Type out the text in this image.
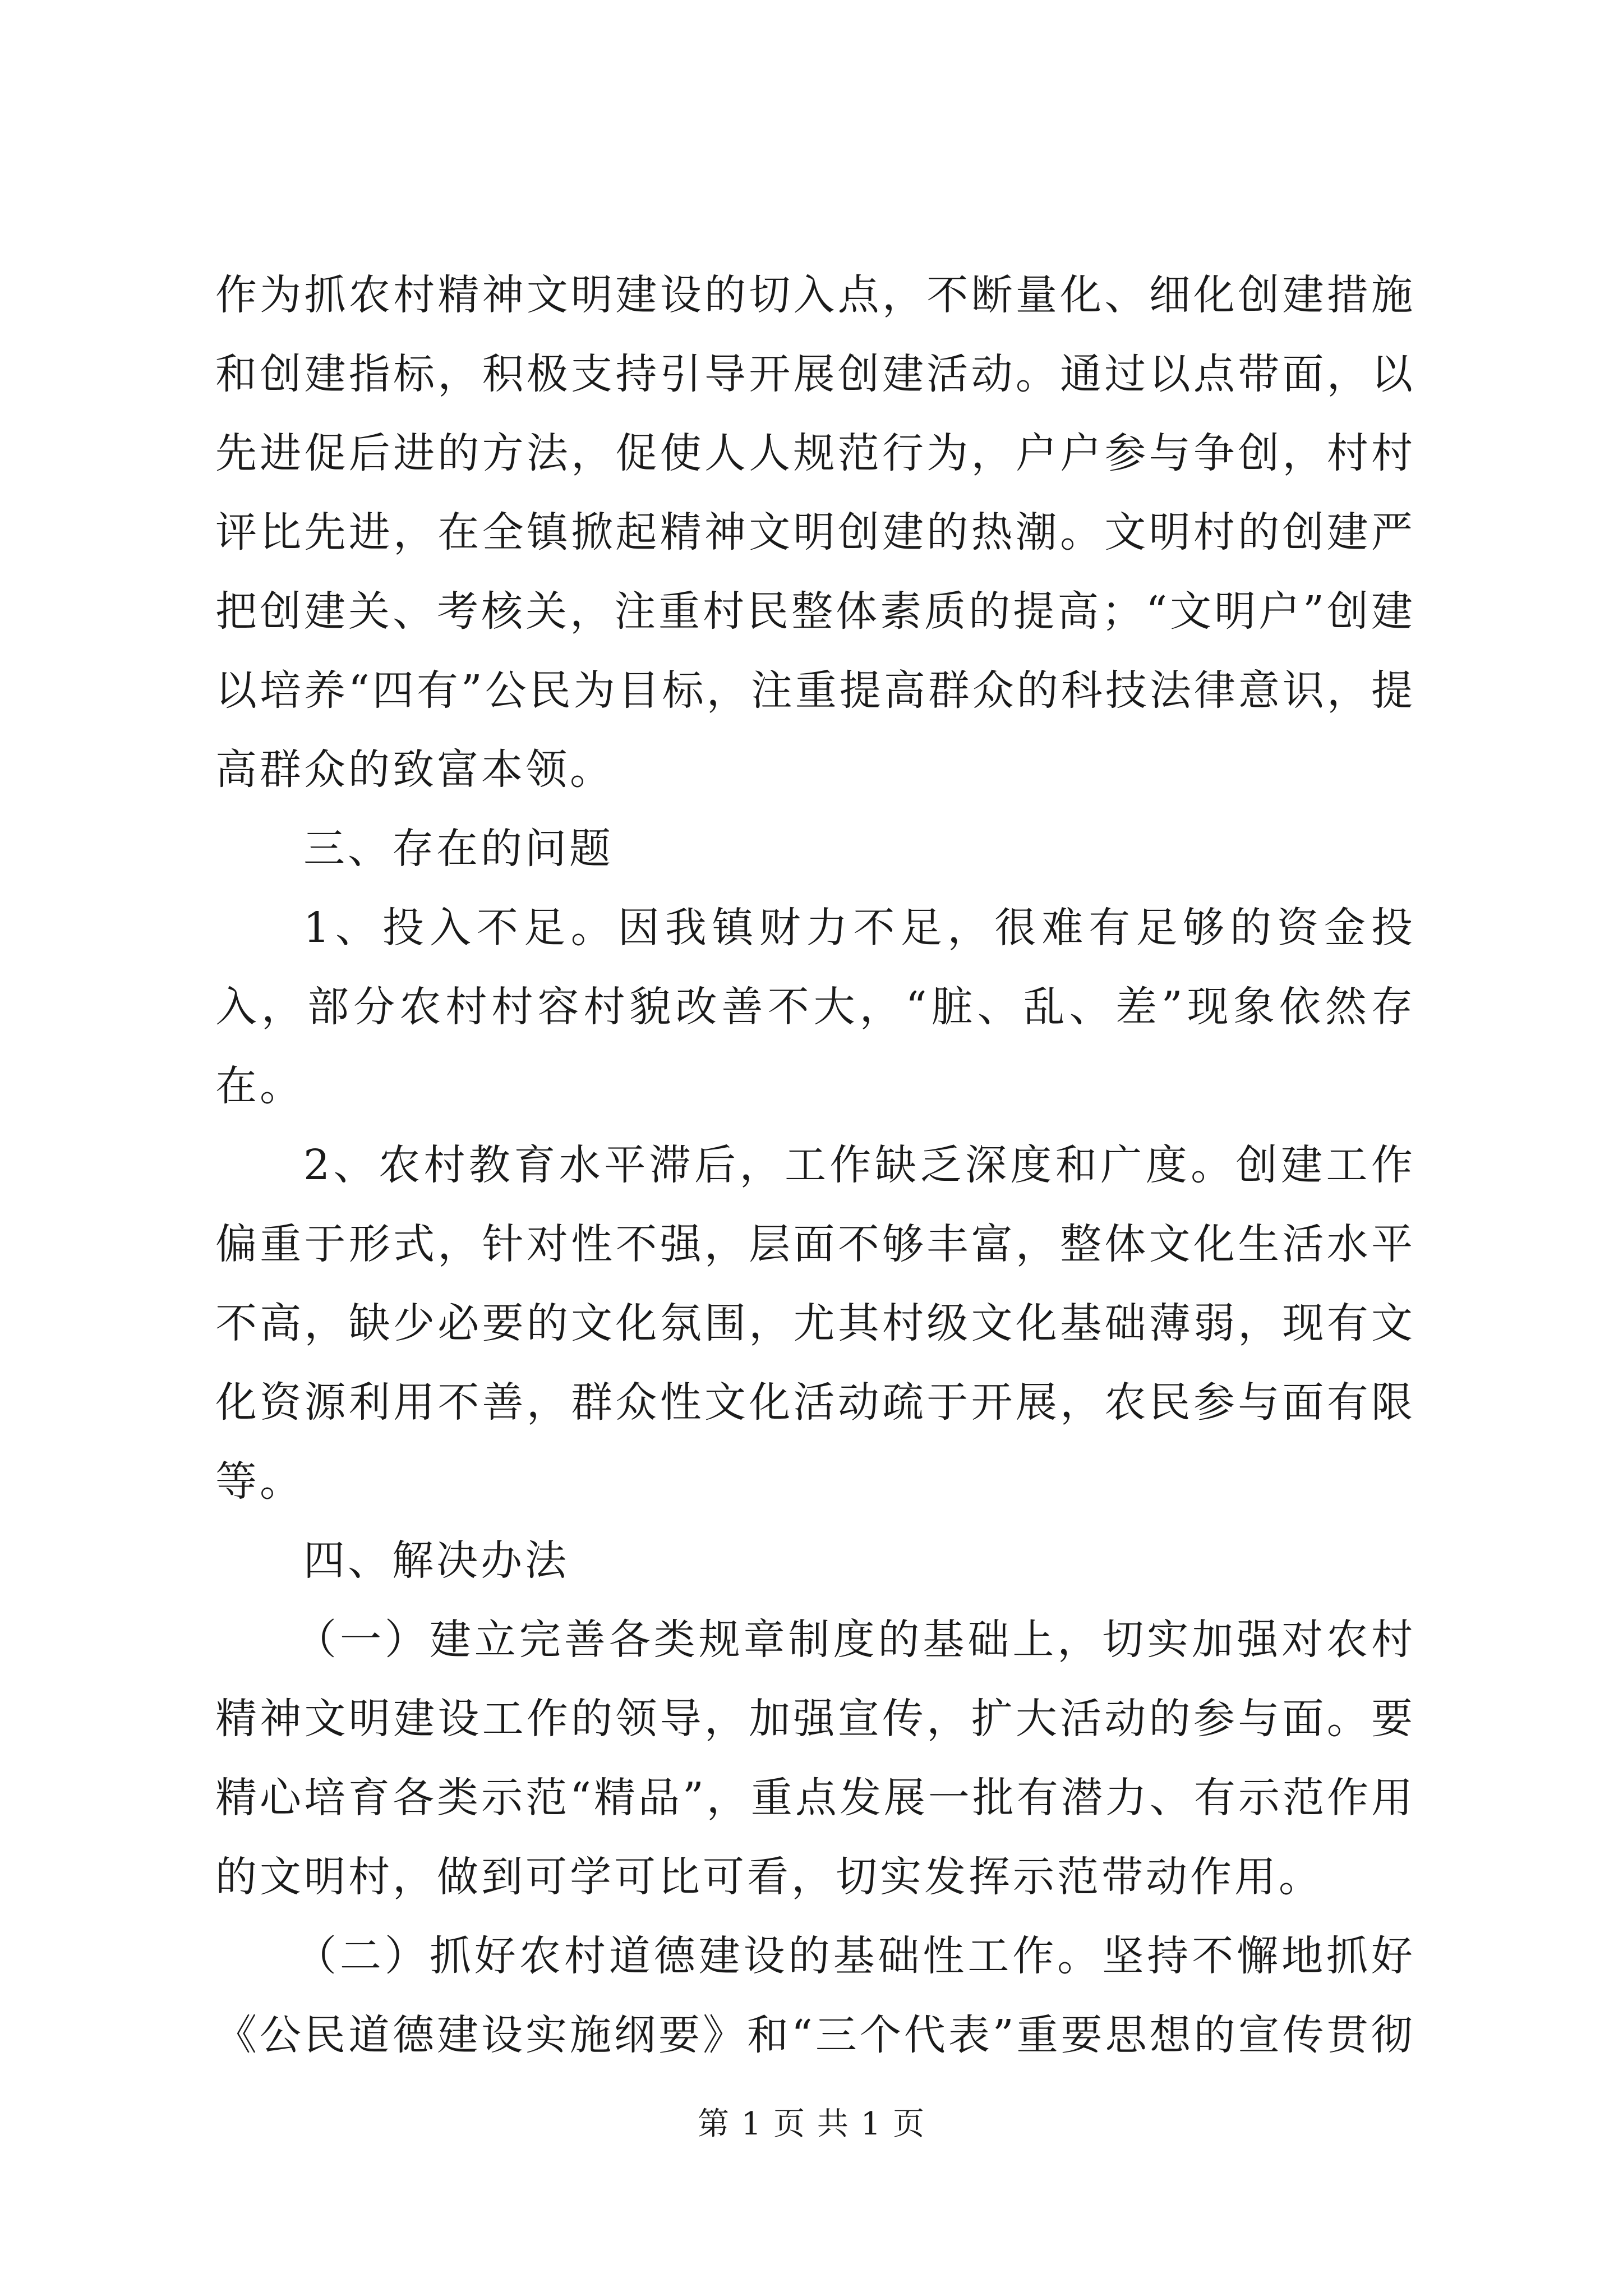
作为抓农村精神文明建设的切入点，不断量化、细化创建措施和创建指标，积极支持引导开展创建活动。通过以点带面，以先进促后进的方法，促使人人规范行为，户户参与争创，村村评比先进，在全镇掀起精神文明创建的热潮。文明村的创建严把创建关、考核关，注重村民整体素质的提高；“文明户”创建以培养“四有”公民为目标，注重提高群众的科技法律意识，提高群众的致富本领。

三、存在的问题

1、投入不足。因我镇财力不足，很难有足够的资金投入，部分农村村容村貌改善不大，“脏、乱、差”现象依然存在。

2、农村教育水平滞后，工作缺乏深度和广度。创建工作偏重于形式，针对性不强，层面不够丰富，整体文化生活水平不高，缺少必要的文化氛围，尤其村级文化基础薄弱，现有文化资源利用不善，群众性文化活动疏于开展，农民参与面有限等。

四、解决办法

（一）建立完善各类规章制度的基础上，切实加强对农村精神文明建设工作的领导，加强宣传，扩大活动的参与面。要精心培育各类示范“精品”，重点发展一批有潜力、有示范作用的文明村，做到可学可比可看，切实发挥示范带动作用。

（二）抓好农村道德建设的基础性工作。坚持不懈地抓好《公民道德建设实施纲要》和“三个代表”重要思想的宣传贯彻

第 1 页 共 1 页
